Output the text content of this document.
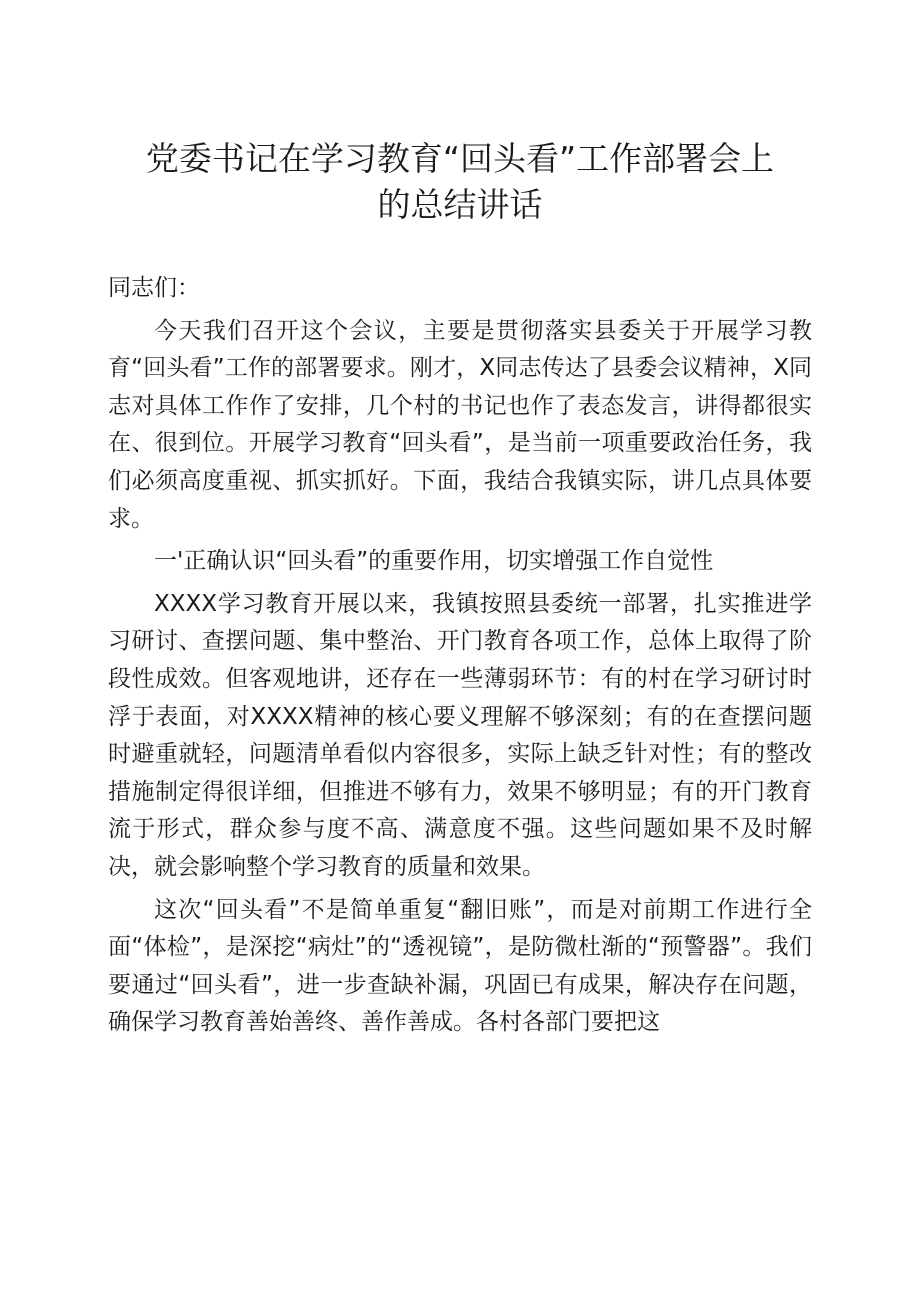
党委书记在学习教育“回头看”工作部署会上
的总结讲话

同志们：

今天我们召开这个会议，主要是贯彻落实县委关于开展学习教育“回头看”工作的部署要求。刚才，X同志传达了县委会议精神，X同志对具体工作作了安排，几个村的书记也作了表态发言，讲得都很实在、很到位。开展学习教育“回头看”，是当前一项重要政治任务，我们必须高度重视、抓实抓好。下面，我结合我镇实际，讲几点具体要求。

一'正确认识“回头看”的重要作用，切实增强工作自觉性

XXXX学习教育开展以来，我镇按照县委统一部署，扎实推进学习研讨、查摆问题、集中整治、开门教育各项工作，总体上取得了阶段性成效。但客观地讲，还存在一些薄弱环节：有的村在学习研讨时浮于表面，对XXXX精神的核心要义理解不够深刻；有的在查摆问题时避重就轻，问题清单看似内容很多，实际上缺乏针对性；有的整改措施制定得很详细，但推进不够有力，效果不够明显；有的开门教育流于形式，群众参与度不高、满意度不强。这些问题如果不及时解决，就会影响整个学习教育的质量和效果。

这次“回头看”不是简单重复“翻旧账”，而是对前期工作进行全面“体检”，是深挖“病灶”的“透视镜”，是防微杜渐的“预警器”。我们要通过“回头看”，进一步查缺补漏，巩固已有成果，解决存在问题，确保学习教育善始善终、善作善成。各村各部门要把这
